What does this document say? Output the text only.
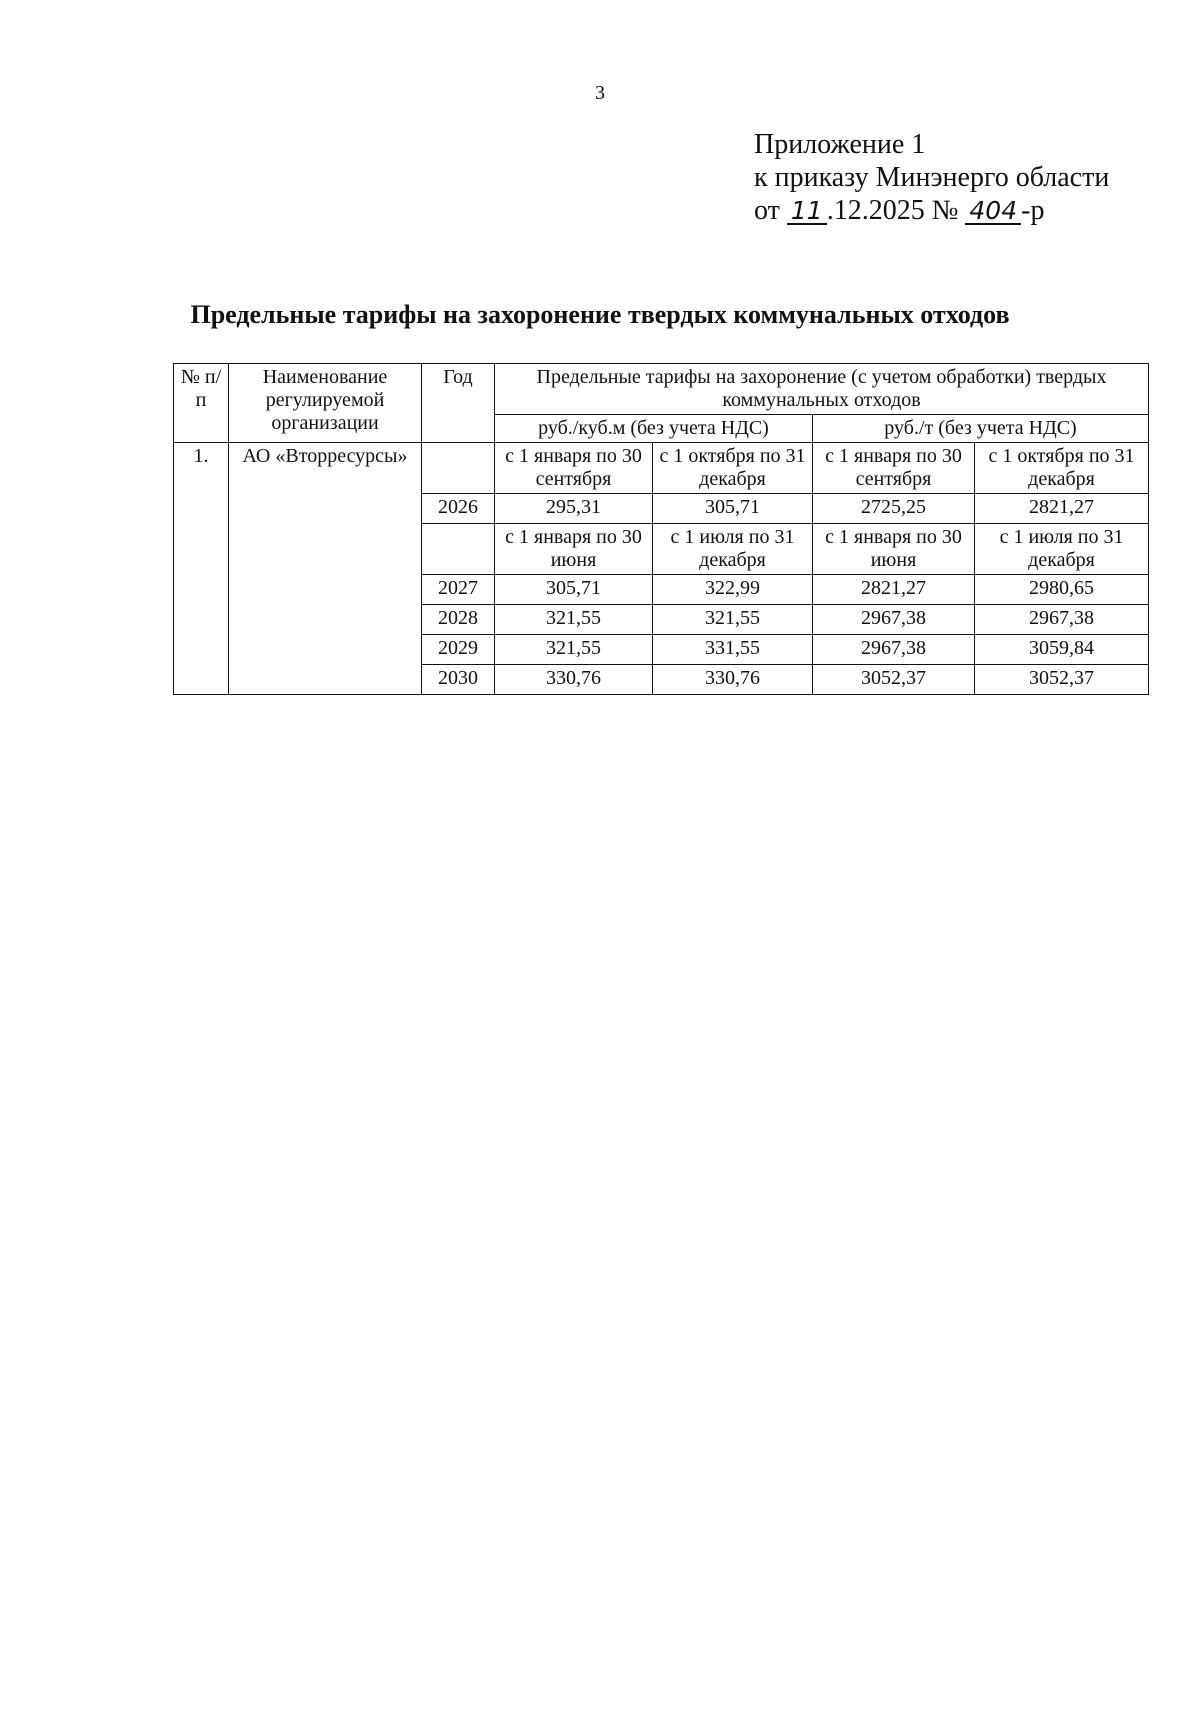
3
Приложение 1
к приказу Минэнерго области
от 11 .12.2025 № 404 -р
Предельные тарифы на захоронение твердых коммунальных отходов
№ п/п	Наименование регулируемой организации	Год	Предельные тарифы на захоронение (с учетом обработки) твердых коммунальных отходов			
			руб./куб.м (без учета НДС)		руб./т (без учета НДС)	
1.	АО «Вторресурсы»		с 1 января по 30 сентября	с 1 октября по 31 декабря	с 1 января по 30 сентября	с 1 октября по 31 декабря
		2026	295,31	305,71	2725,25	2821,27
			с 1 января по 30 июня	с 1 июля по 31 декабря	с 1 января по 30 июня	с 1 июля по 31 декабря
		2027	305,71	322,99	2821,27	2980,65
		2028	321,55	321,55	2967,38	2967,38
		2029	321,55	331,55	2967,38	3059,84
		2030	330,76	330,76	3052,37	3052,37
